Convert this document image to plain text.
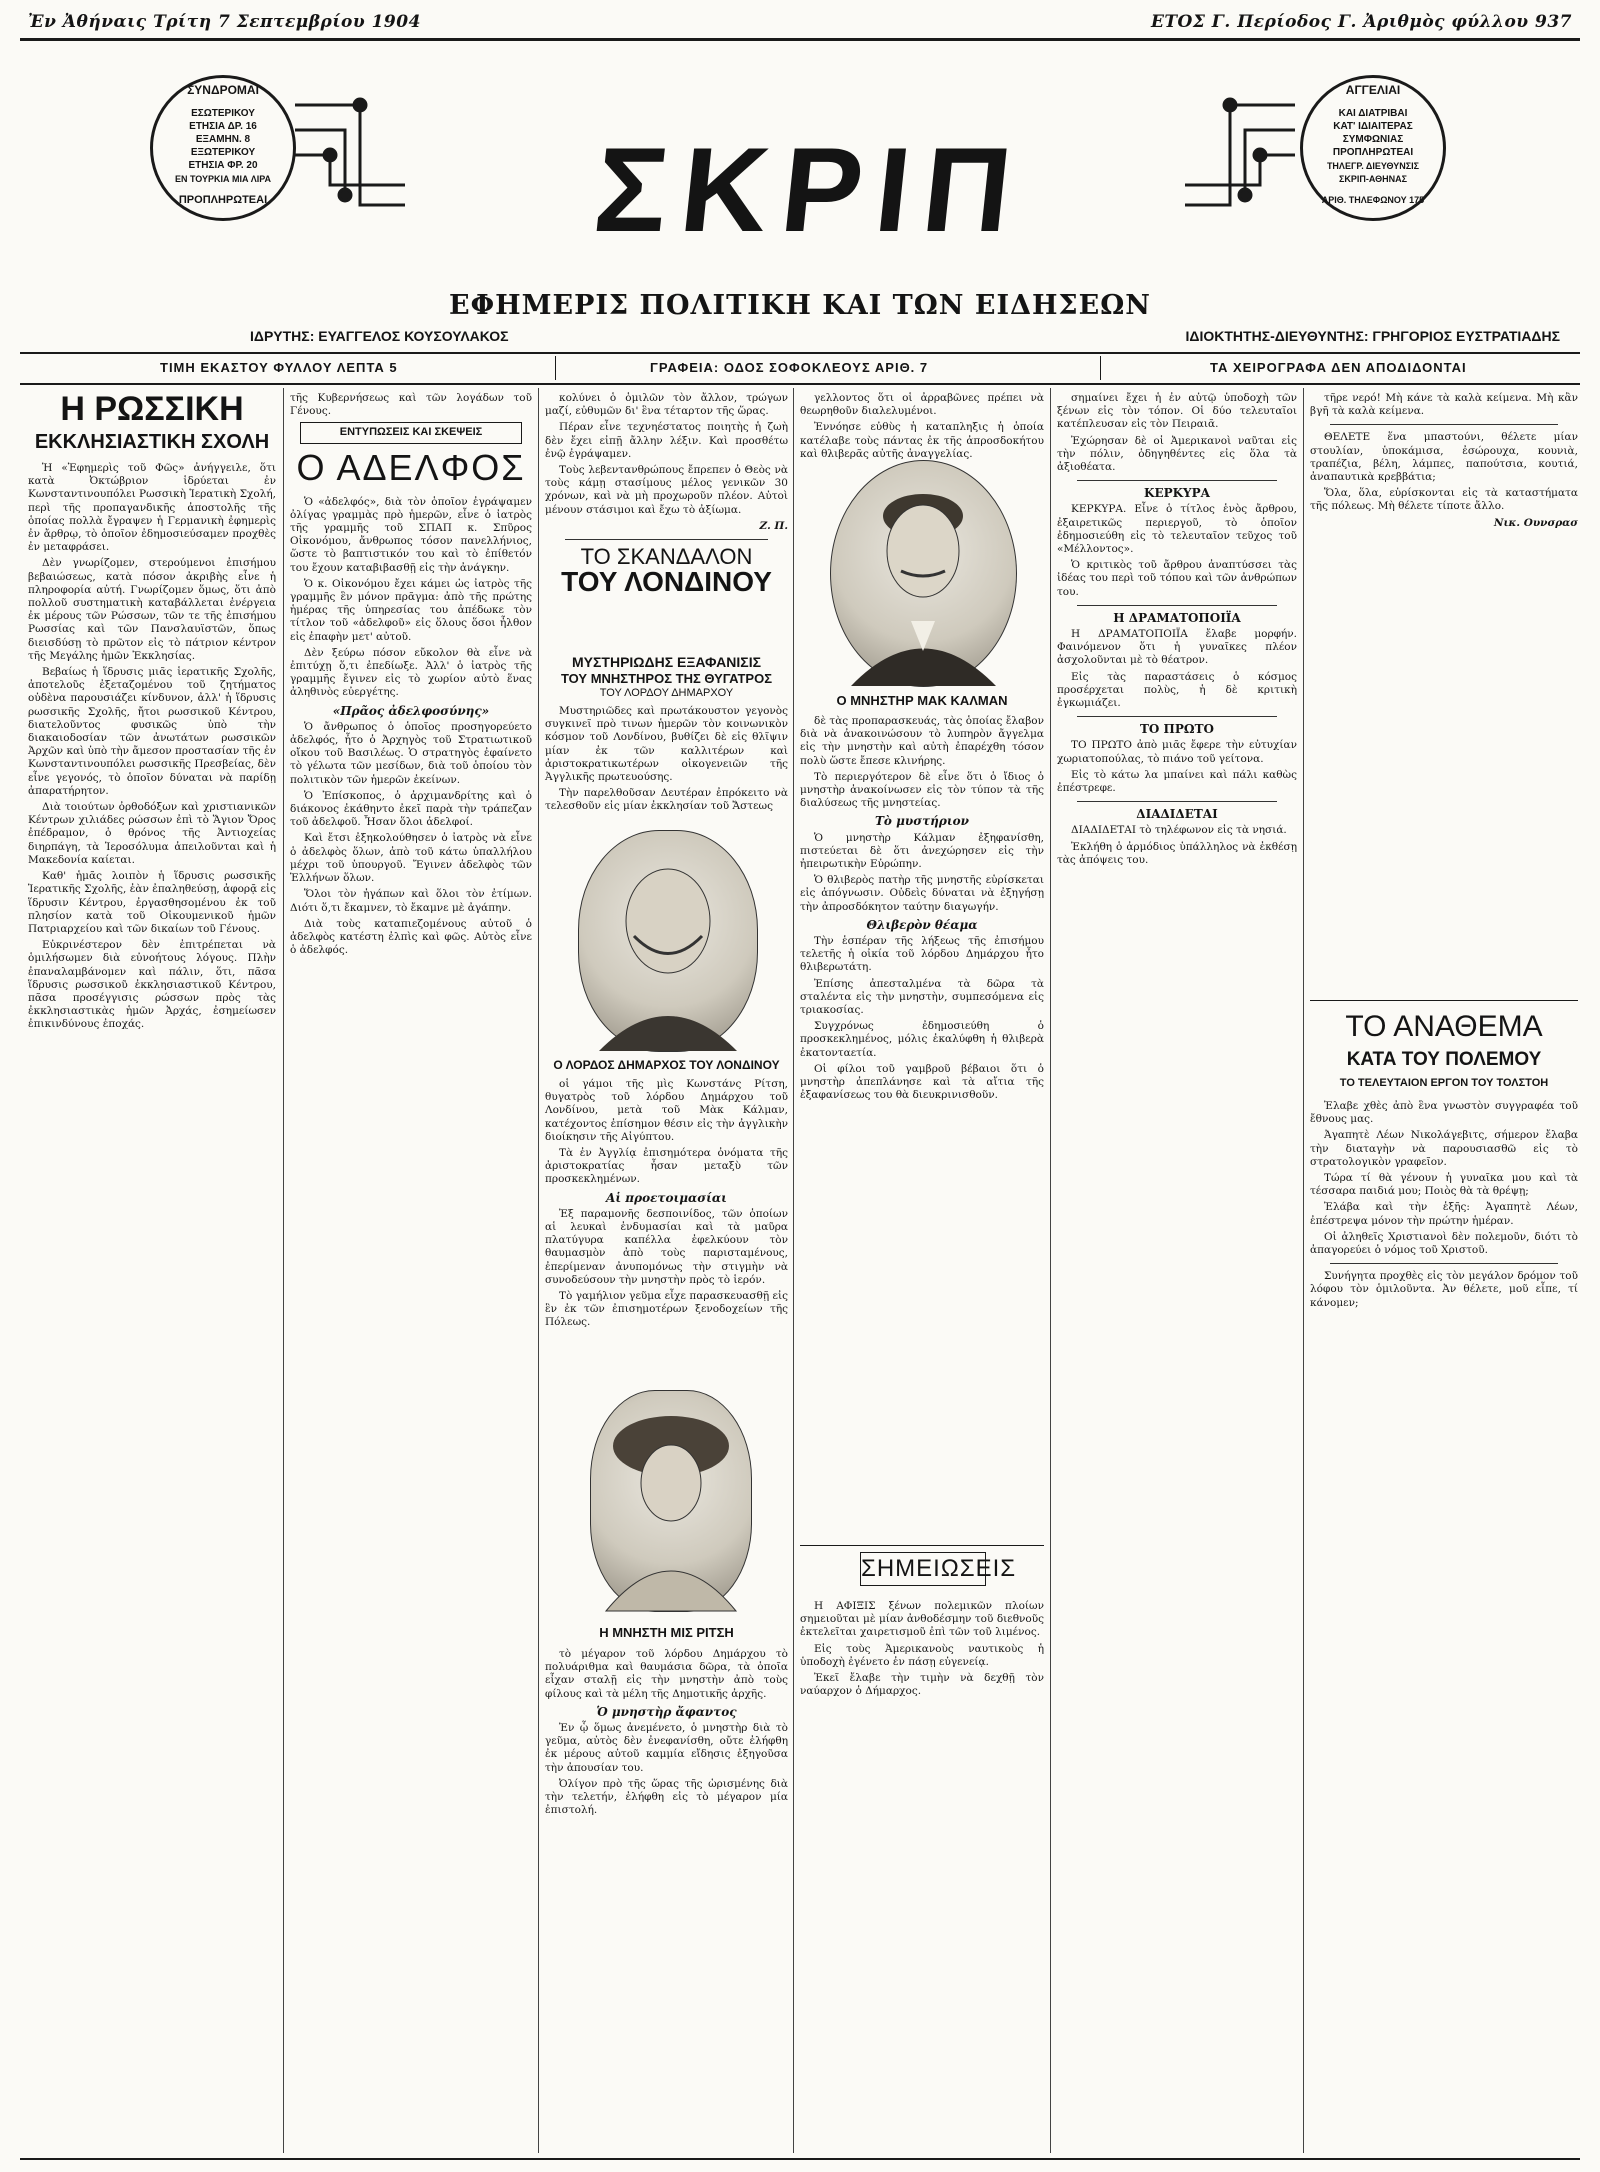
Ἐν Ἀθήναις Τρίτη 7 Σεπτεμβρίου 1904	ΕΤΟΣ Γ. Περίοδος Γ. Ἀριθμὸς φύλλου 937
ΣΥΝΔΡΟΜΑΙ
ΕΣΩΤΕΡΙΚΟΥ
ΕΤΗΣΙΑ ΔΡ. 16
ΕΞΑΜΗΝ. 8
ΕΞΩΤΕΡΙΚΟΥ
ΕΤΗΣΙΑ ΦΡ. 20
ΕΝ ΤΟΥΡΚΙΑ ΜΙΑ ΛΙΡΑ
ΠΡΟΠΛΗΡΩΤΕΑΙ	ΣΚΡΙΠ
ΕΦΗΜΕΡΙΣ ΠΟΛΙΤΙΚΗ ΚΑΙ ΤΩΝ ΕΙΔΗΣΕΩΝ
ΑΓΓΕΛΙΑΙ
ΚΑΙ ΔΙΑΤΡΙΒΑΙ
ΚΑΤ' ΙΔΙΑΙΤΕΡΑΣ
ΣΥΜΦΩΝΙΑΣ
ΠΡΟΠΛΗΡΩΤΕΑΙ
ΤΗΛΕΓΡ. ΔΙΕΥΘΥΝΣΙΣ
ΣΚΡΙΠ-ΑΘΗΝΑΣ
ΑΡΙΘ. ΤΗΛΕΦΩΝΟΥ 175
ΙΔΡΥΤΗΣ: ΕΥΑΓΓΕΛΟΣ ΚΟΥΣΟΥΛΑΚΟΣ	ΙΔΙΟΚΤΗΤΗΣ-ΔΙΕΥΘΥΝΤΗΣ: ΓΡΗΓΟΡΙΟΣ ΕΥΣΤΡΑΤΙΑΔΗΣ
ΤΙΜΗ ΕΚΑΣΤΟΥ ΦΥΛΛΟΥ ΛΕΠΤΑ 5	ΓΡΑΦΕΙΑ: ΟΔΟΣ ΣΟΦΟΚΛΕΟΥΣ ΑΡΙΘ. 7	ΤΑ ΧΕΙΡΟΓΡΑΦΑ ΔΕΝ ΑΠΟΔΙΔΟΝΤΑΙ
Η ΡΩΣΣΙΚΗ
ΕΚΚΛΗΣΙΑΣΤΙΚΗ ΣΧΟΛΗ

Ἡ «Ἐφημερὶς τοῦ Φῶς» ἀνήγγειλε, ὅτι κατὰ Ὀκτώβριον ἱδρύεται ἐν Κωνσταντινουπόλει Ρωσσικὴ Ἱερατικὴ Σχολή, περὶ τῆς προπαγανδικῆς ἀποστολῆς τῆς ὁποίας πολλὰ ἔγραψεν ἡ Γερμανικὴ ἐφημερὶς ἐν ἄρθρῳ, τὸ ὁποῖον ἐδημοσιεύσαμεν προχθὲς ἐν μεταφράσει.

Δὲν γνωρίζομεν, στερούμενοι ἐπισήμου βεβαιώσεως, κατὰ πόσον ἀκριβὴς εἶνε ἡ πληροφορία αὐτή. Γνωρίζομεν ὅμως, ὅτι ἀπὸ πολλοῦ συστηματικὴ καταβάλλεται ἐνέργεια ἐκ μέρους τῶν Ρώσσων, τῶν τε τῆς ἐπισήμου Ρωσσίας καὶ τῶν Πανσλαυϊστῶν, ὅπως διεισδύσῃ τὸ πρῶτον εἰς τὸ πάτριον κέντρον τῆς Μεγάλης ἡμῶν Ἐκκλησίας.

Βεβαίως ἡ ἵδρυσις μιᾶς ἱερατικῆς Σχολῆς, ἀποτελοῦς ἐξεταζομένου τοῦ ζητήματος οὐδὲνα παρουσιάζει κίνδυνον, ἀλλ' ἡ ἵδρυσις ρωσσικῆς Σχολῆς, ἤτοι ρωσσικοῦ Κέντρου, διατελοῦντος φυσικῶς ὑπὸ τὴν διακαιοδοσίαν τῶν ἀνωτάτων ρωσσικῶν Ἀρχῶν καὶ ὑπὸ τὴν ἄμεσον προστασίαν τῆς ἐν Κωνσταντινουπόλει ρωσσικῆς Πρεσβείας, δὲν εἶνε γεγονός, τὸ ὁποῖον δύναται νὰ παρίδῃ ἀπαρατήρητον.

Διὰ τοιούτων ὀρθοδόξων καὶ χριστιανικῶν Κέντρων χιλιάδες ρώσσων ἐπὶ τὸ Ἅγιον Ὄρος ἐπέδραμον, ὁ θρόνος τῆς Ἀντιοχείας διηρπάγη, τὰ Ἱεροσόλυμα ἀπειλοῦνται καὶ ἡ Μακεδονία καίεται.

Καθ' ἡμᾶς λοιπὸν ἡ ἵδρυσις ρωσσικῆς Ἱερατικῆς Σχολῆς, ἐὰν ἐπαληθεύσῃ, ἀφορᾷ εἰς ἵδρυσιν Κέντρου, ἐργασθησομένου ἐκ τοῦ πλησίον κατὰ τοῦ Οἰκουμενικοῦ ἡμῶν Πατριαρχείου καὶ τῶν δικαίων τοῦ Γένους.

Εὐκρινέστερον δὲν ἐπιτρέπεται νὰ ὁμιλήσωμεν διὰ εὐνοήτους λόγους. Πλὴν ἐπαναλαμβάνομεν καὶ πάλιν, ὅτι, πᾶσα ἵδρυσις ρωσσικοῦ ἐκκλησιαστικοῦ Κέντρου, πᾶσα προσέγγισις ρώσσων πρὸς τὰς ἐκκλησιαστικὰς ἡμῶν Ἀρχάς, ἐσημείωσεν ἐπικινδύνους ἐποχάς.

τῆς Κυβερνήσεως καὶ τῶν λογάδων τοῦ Γένους.

ΕΝΤΥΠΩΣΕΙΣ ΚΑΙ ΣΚΕΨΕΙΣ
Ο ΑΔΕΛΦΟΣ

Ὁ «ἀδελφός», διὰ τὸν ὁποῖον ἐγράψαμεν ὀλίγας γραμμὰς πρὸ ἡμερῶν, εἶνε ὁ ἰατρὸς τῆς γραμμῆς τοῦ ΣΠΑΠ κ. Σπῦρος Οἰκονόμου, ἄνθρωπος τόσον πανελλήνιος, ὥστε τὸ βαπτιστικόν του καὶ τὸ ἐπίθετόν του ἔχουν καταβιβασθῇ εἰς τὴν ἀνάγκην.

Ὁ κ. Οἰκονόμου ἔχει κάμει ὡς ἰατρὸς τῆς γραμμῆς ἓν μόνον πρᾶγμα: ἀπὸ τῆς πρώτης ἡμέρας τῆς ὑπηρεσίας του ἀπέδωκε τὸν τίτλον τοῦ «ἀδελφοῦ» εἰς ὅλους ὅσοι ἦλθον εἰς ἐπαφὴν μετ' αὐτοῦ.

Δὲν ξεύρω πόσον εὔκολον θὰ εἶνε νὰ ἐπιτύχῃ ὅ,τι ἐπεδίωξε. Ἀλλ' ὁ ἰατρὸς τῆς γραμμῆς ἔγινεν εἰς τὸ χωρίον αὐτὸ ἕνας ἀληθινὸς εὐεργέτης.

«Πρᾶος ἀδελφοσύνης»

Ὁ ἄνθρωπος ὁ ὁποῖος προσηγορεύετο ἀδελφός, ἦτο ὁ Ἀρχηγὸς τοῦ Στρατιωτικοῦ οἴκου τοῦ Βασιλέως. Ὁ στρατηγὸς ἐφαίνετο τὸ γέλωτα τῶν μεσίδων, διὰ τοῦ ὁποίου τὸν πολιτικὸν τῶν ἡμερῶν ἐκείνων.

Ὁ Ἐπίσκοπος, ὁ ἀρχιμανδρίτης καὶ ὁ διάκονος ἐκάθηντο ἐκεῖ παρὰ τὴν τράπεζαν τοῦ ἀδελφοῦ. Ἦσαν ὅλοι ἀδελφοί.

Καὶ ἔτσι ἐξηκολούθησεν ὁ ἰατρὸς νὰ εἶνε ὁ ἀδελφὸς ὅλων, ἀπὸ τοῦ κάτω ὑπαλλήλου μέχρι τοῦ ὑπουργοῦ. Ἔγινεν ἀδελφὸς τῶν Ἑλλήνων ὅλων.

Ὅλοι τὸν ἠγάπων καὶ ὅλοι τὸν ἐτίμων. Διότι ὅ,τι ἔκαμνεν, τὸ ἔκαμνε μὲ ἀγάπην.

Διὰ τοὺς καταπιεζομένους αὐτοῦ ὁ ἀδελφὸς κατέστη ἐλπὶς καὶ φῶς. Αὐτὸς εἶνε ὁ ἀδελφός.

κολύνει ὁ ὁμιλῶν τὸν ἄλλον, τρώγων μαζί, εὐθυμῶν δι' ἓνα τέταρτον τῆς ὥρας.

Πέραν εἶνε τεχνηέστατος ποιητὴς ἡ ζωὴ δὲν ἔχει εἰπῇ ἄλλην λέξιν. Καὶ προσθέτω ἐνῷ ἐγράψαμεν.

Τοὺς λεβεντανθρώπους ἔπρεπεν ὁ Θεὸς νὰ τοὺς κάμῃ στασίμους μέλος γενικῶν 30 χρόνων, καὶ νὰ μὴ προχωροῦν πλέον. Αὐτοὶ μένουν στάσιμοι καὶ ἔχω τὸ ἀξίωμα.

Ζ. Π.
ΤΟ ΣΚΑΝΔΑΛΟΝ
ΤΟΥ ΛΟΝΔΙΝΟΥ
ΜΥΣΤΗΡΙΩΔΗΣ ΕΞΑΦΑΝΙΣΙΣ
ΤΟΥ ΜΝΗΣΤΗΡΟΣ ΤΗΣ ΘΥΓΑΤΡΟΣ
ΤΟΥ ΛΟΡΔΟΥ ΔΗΜΑΡΧΟΥ

Μυστηριῶδες καὶ πρωτάκουστον γεγονὸς συγκινεῖ πρὸ τινων ἡμερῶν τὸν κοινωνικὸν κόσμον τοῦ Λονδίνου, βυθίζει δὲ εἰς θλῖψιν μίαν ἐκ τῶν καλλιτέρων καὶ ἀριστοκρατικωτέρων οἰκογενειῶν τῆς Ἀγγλικῆς πρωτευούσης.

Τὴν παρελθοῦσαν Δευτέραν ἐπρόκειτο νὰ τελεσθοῦν εἰς μίαν ἐκκλησίαν τοῦ Ἄστεως

Ο ΛΟΡΔΟΣ ΔΗΜΑΡΧΟΣ ΤΟΥ ΛΟΝΔΙΝΟΥ

οἱ γάμοι τῆς μὶς Κωνστάνς Ρίτση, θυγατρὸς τοῦ λόρδου Δημάρχου τοῦ Λονδίνου, μετὰ τοῦ Μὰκ Κάλμαν, κατέχοντος ἐπίσημον θέσιν εἰς τὴν ἀγγλικὴν διοίκησιν τῆς Αἰγύπτου.

Τὰ ἐν Ἀγγλίᾳ ἐπισημότερα ὀνόματα τῆς ἀριστοκρατίας ἦσαν μεταξὺ τῶν προσκεκλημένων.

Αἱ προετοιμασίαι

Ἐξ παραμονῆς δεσποινίδος, τῶν ὁποίων αἱ λευκαὶ ἐνδυμασίαι καὶ τὰ μαῦρα πλατύγυρα καπέλλα ἐφελκύουν τὸν θαυμασμὸν ἀπὸ τοὺς παρισταμένους, ἐπερίμεναν ἀνυπομόνως τὴν στιγμὴν νὰ συνοδεύσουν τὴν μνηστὴν πρὸς τὸ ἱερόν.

Τὸ γαμήλιον γεῦμα εἶχε παρασκευασθῇ εἰς ἓν ἐκ τῶν ἐπισημοτέρων ξενοδοχείων τῆς Πόλεως.

Η ΜΝΗΣΤΗ ΜΙΣ ΡΙΤΣΗ

τὸ μέγαρον τοῦ λόρδου Δημάρχου τὸ πολυάριθμα καὶ θαυμάσια δῶρα, τὰ ὁποῖα εἶχαν σταλῇ εἰς τὴν μνηστὴν ἀπὸ τοὺς φίλους καὶ τὰ μέλη τῆς Δημοτικῆς ἀρχῆς.

Ὁ μνηστὴρ ἄφαντος

Ἐν ᾧ ὅμως ἀνεμένετο, ὁ μνηστὴρ διὰ τὸ γεῦμα, αὐτὸς δὲν ἐνεφανίσθη, οὔτε ἐλήφθη ἐκ μέρους αὐτοῦ καμμία εἴδησις ἐξηγοῦσα τὴν ἀπουσίαν του.

Ὀλίγον πρὸ τῆς ὥρας τῆς ὡρισμένης διὰ τὴν τελετήν, ἐλήφθη εἰς τὸ μέγαρον μία ἐπιστολή.

γελλοντος ὅτι οἱ ἀρραβῶνες πρέπει νὰ θεωρηθοῦν διαλελυμένοι.

Ἐννόησε εὐθὺς ἡ καταπληξις ἡ ὁποία κατέλαβε τοὺς πάντας ἐκ τῆς ἀπροσδοκήτου καὶ θλιβερᾶς αὐτῆς ἀναγγελίας.

Ο ΜΝΗΣΤΗΡ ΜΑΚ ΚΑΛΜΑΝ

δὲ τὰς προπαρασκευάς, τὰς ὁποίας ἔλαβον διὰ νὰ ἀνακοινώσουν τὸ λυπηρὸν ἄγγελμα εἰς τὴν μνηστὴν καὶ αὐτὴ ἐπαρέχθη τόσον πολὺ ὥστε ἔπεσε κλινήρης.

Τὸ περιεργότερον δὲ εἶνε ὅτι ὁ ἴδιος ὁ μνηστὴρ ἀνακοίνωσεν εἰς τὸν τύπον τὰ τῆς διαλύσεως τῆς μνηστείας.

Τὸ μυστήριον

Ὁ μνηστὴρ Κάλμαν ἐξηφανίσθη, πιστεύεται δὲ ὅτι ἀνεχώρησεν εἰς τὴν ἠπειρωτικὴν Εὐρώπην.

Ὁ θλιβερὸς πατὴρ τῆς μνηστῆς εὑρίσκεται εἰς ἀπόγνωσιν. Οὐδεὶς δύναται νὰ ἐξηγήσῃ τὴν ἀπροσδόκητον ταύτην διαγωγήν.

Θλιβερὸν θέαμα

Τὴν ἑσπέραν τῆς λήξεως τῆς ἐπισήμου τελετῆς ἡ οἰκία τοῦ λόρδου Δημάρχου ἦτο θλιβερωτάτη.

Ἐπίσης ἀπεσταλμένα τὰ δῶρα τὰ σταλέντα εἰς τὴν μνηστὴν, συμπεσόμενα εἰς τριακοσίας.

Συγχρόνως ἐδημοσιεύθη ὁ προσκεκλημένος, μόλις ἐκαλύφθη ἡ θλιβερὰ ἐκατονταετία.

Οἱ φίλοι τοῦ γαμβροῦ βέβαιοι ὅτι ὁ μνηστὴρ ἀπεπλάνησε καὶ τὰ αἴτια τῆς ἐξαφανίσεως του θὰ διευκρινισθοῦν.

ΣΗΜΕΙΩΣΕΙΣ

Η ΑΦΙΞΙΣ ξένων πολεμικῶν πλοίων σημειοῦται μὲ μίαν ἀνθοδέσμην τοῦ διεθνοῦς ἐκτελεῖται χαιρετισμοῦ ἐπὶ τῶν τοῦ λιμένος.

Εἰς τοὺς Ἀμερικανοὺς ναυτικοὺς ἡ ὑποδοχὴ ἐγένετο ἐν πάσῃ εὐγενείᾳ.

Ἐκεῖ ἔλαβε τὴν τιμὴν νὰ δεχθῇ τὸν ναύαρχον ὁ Δήμαρχος.

σημαίνει ἔχει ἡ ἐν αὐτῷ ὑποδοχὴ τῶν ξένων εἰς τὸν τόπον. Οἱ δύο τελευταῖοι κατέπλευσαν εἰς τὸν Πειραιᾶ.

Ἐχώρησαν δὲ οἱ Ἀμερικανοὶ ναῦται εἰς τὴν πόλιν, ὁδηγηθέντες εἰς ὅλα τὰ ἀξιοθέατα.

ΚΕΡΚΥΡΑ

ΚΕΡΚΥΡΑ. Εἶνε ὁ τίτλος ἑνὸς ἄρθρου, ἐξαιρετικῶς περιεργοῦ, τὸ ὁποῖον ἐδημοσιεύθη εἰς τὸ τελευταῖον τεῦχος τοῦ «Μέλλοντος».

Ὁ κριτικὸς τοῦ ἄρθρου ἀναπτύσσει τὰς ἰδέας του περὶ τοῦ τόπου καὶ τῶν ἀνθρώπων του.

Η ΔΡΑΜΑΤΟΠΟΙΪΑ

Η ΔΡΑΜΑΤΟΠΟΙΪΑ ἔλαβε μορφήν. Φαινόμενον ὅτι ἡ γυναῖκες πλέον ἀσχολοῦνται μὲ τὸ θέατρον.

Εἰς τὰς παραστάσεις ὁ κόσμος προσέρχεται πολὺς, ἡ δὲ κριτικὴ ἐγκωμιάζει.

ΤΟ ΠΡΩΤΟ

ΤΟ ΠΡΩΤΟ ἀπὸ μιᾶς ἔφερε τὴν εὐτυχίαν χωριατοπούλας, τὸ πιάνο τοῦ γείτονα.

Εἰς τὸ κάτω λα μπαίνει καὶ πάλι καθὼς ἐπέστρεφε.

ΔΙΑΔΙΔΕΤΑΙ

ΔΙΑΔΙΔΕΤΑΙ τὸ τηλέφωνον εἰς τὰ νησιά.

Ἐκλήθη ὁ ἀρμόδιος ὑπάλληλος νὰ ἐκθέσῃ τὰς ἀπόψεις του.

τῆρε νερό! Μὴ κάνε τὰ καλὰ κείμενα. Μὴ κἂν βγῆ τὰ καλὰ κείμενα.

ΘΕΛΕΤΕ ἕνα μπαστούνι, θέλετε μίαν στουλίαν, ὑποκάμισα, ἐσώρουχα, κουνιὰ, τραπέζια, βέλη, λάμπες, παπούτσια, κουτιά, ἀναπαυτικὰ κρεββάτια;

Ὅλα, ὅλα, εὑρίσκονται εἰς τὰ καταστήματα τῆς πόλεως. Μὴ θέλετε τίποτε ἄλλο.

Νικ. Ουνσρασ
ΤΟ ΑΝΑΘΕΜΑ
ΚΑΤΑ ΤΟΥ ΠΟΛΕΜΟΥ
ΤΟ ΤΕΛΕΥΤΑΙΟΝ ΕΡΓΟΝ ΤΟΥ ΤΟΛΣΤΟΗ

Ἐλαβε χθὲς ἀπὸ ἓνα γνωστὸν συγγραφέα τοῦ ἔθνους μας.

Ἀγαπητὲ Λέων Νικολάγεβιτς, σήμερον ἔλαβα τὴν διαταγὴν νὰ παρουσιασθῶ εἰς τὸ στρατολογικὸν γραφεῖον.

Τώρα τί θὰ γένουν ἡ γυναῖκα μου καὶ τὰ τέσσαρα παιδιά μου; Ποιὸς θὰ τὰ θρέψῃ;

Ἐλάβα καὶ τὴν ἑξῆς: Ἀγαπητὲ Λέων, ἐπέστρεψα μόνον τὴν πρώτην ἡμέραν.

Οἱ ἀληθεῖς Χριστιανοὶ δὲν πολεμοῦν, διότι τὸ ἀπαγορεύει ὁ νόμος τοῦ Χριστοῦ.

Συνήγητα προχθὲς εἰς τὸν μεγάλον δρόμον τοῦ λόφου τὸν ὁμιλοῦντα. Ἀν θέλετε, μοῦ εἶπε, τί κάνομεν;
